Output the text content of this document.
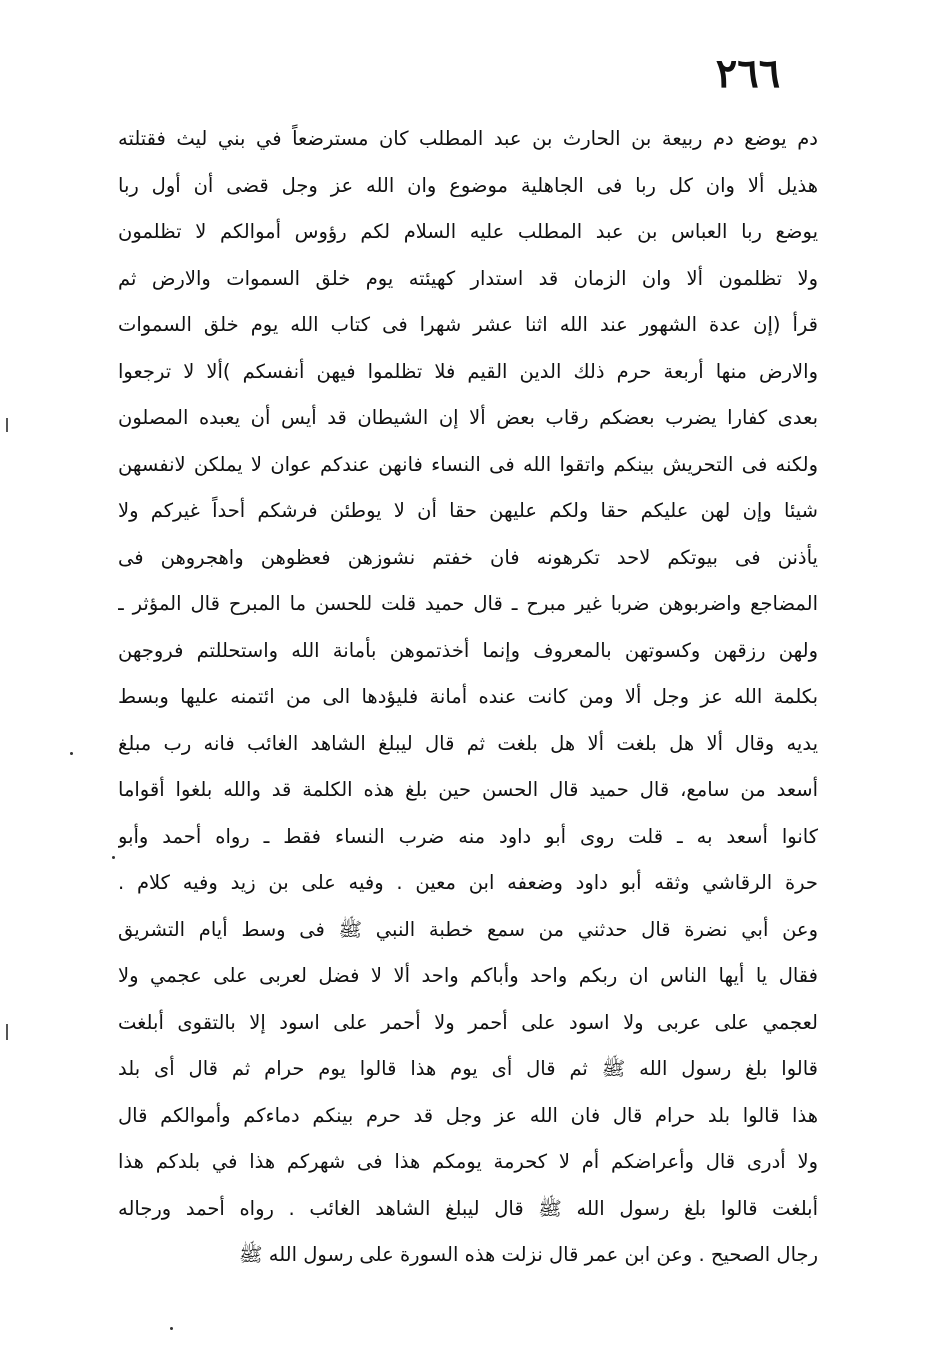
٢٦٦
دم يوضع دم ربيعة بن الحارث بن عبد المطلب كان مسترضعاً في بني ليث فقتلته
هذيل ألا وان كل ربا فى الجاهلية موضوع وان الله عز وجل قضى أن أول ربا
يوضع ربا العباس بن عبد المطلب عليه السلام لكم رؤوس أموالكم لا تظلمون
ولا تظلمون ألا وان الزمان قد استدار كهيئته يوم خلق السموات والارض ثم
قرأ (إن عدة الشهور عند الله اثنا عشر شهرا فى كتاب الله يوم خلق السموات
والارض منها أربعة حرم ذلك الدين القيم فلا تظلموا فيهن أنفسكم )ألا لا ترجعوا
بعدى كفارا يضرب بعضكم رقاب بعض ألا إن الشيطان قد أيس أن يعبده المصلون
ولكنه فى التحريش بينكم واتقوا الله فى النساء فانهن عندكم عوان لا يملكن لانفسهن
شيئا وإن لهن عليكم حقا ولكم عليهن حقا أن لا يوطئن فرشكم أحداً غيركم ولا
يأذنن فى بيوتكم لاحد تكرهونه فان خفتم نشوزهن فعظوهن واهجروهن فى
المضاجع واضربوهن ضربا غير مبرح ـ قال حميد قلت للحسن ما المبرح قال المؤثر ـ
ولهن رزقهن وكسوتهن بالمعروف وإنما أخذتموهن بأمانة الله واستحللتم فروجهن
بكلمة الله عز وجل ألا ومن كانت عنده أمانة فليؤدها الى من ائتمنه عليها وبسط
يديه وقال ألا هل بلغت ألا هل بلغت ثم قال ليبلغ الشاهد الغائب فانه رب مبلغ
أسعد من سامع، قال حميد قال الحسن حين بلغ هذه الكلمة قد والله بلغوا أقواما
كانوا أسعد به ـ قلت روى أبو داود منه ضرب النساء فقط ـ رواه أحمد وأبو
حرة الرقاشي وثقه أبو داود وضعفه ابن معين . وفيه على بن زيد وفيه كلام .
وعن أبي نضرة قال حدثني من سمع خطبة النبي ﷺ فى وسط أيام التشريق
فقال يا أيها الناس ان ربكم واحد وأباكم واحد ألا لا فضل لعربى على عجمي ولا
لعجمي على عربى ولا اسود على أحمر ولا أحمر على اسود إلا بالتقوى أبلغت
قالوا بلغ رسول الله ﷺ ثم قال أى يوم هذا قالوا يوم حرام ثم قال أى بلد
هذا قالوا بلد حرام قال فان الله عز وجل قد حرم بينكم دماءكم وأموالكم قال
ولا أدرى قال وأعراضكم أم لا كحرمة يومكم هذا فى شهركم هذا في بلدكم هذا
أبلغت قالوا بلغ رسول الله ﷺ قال ليبلغ الشاهد الغائب . رواه أحمد ورجاله
رجال الصحيح . وعن ابن عمر قال نزلت هذه السورة على رسول الله ﷺ
